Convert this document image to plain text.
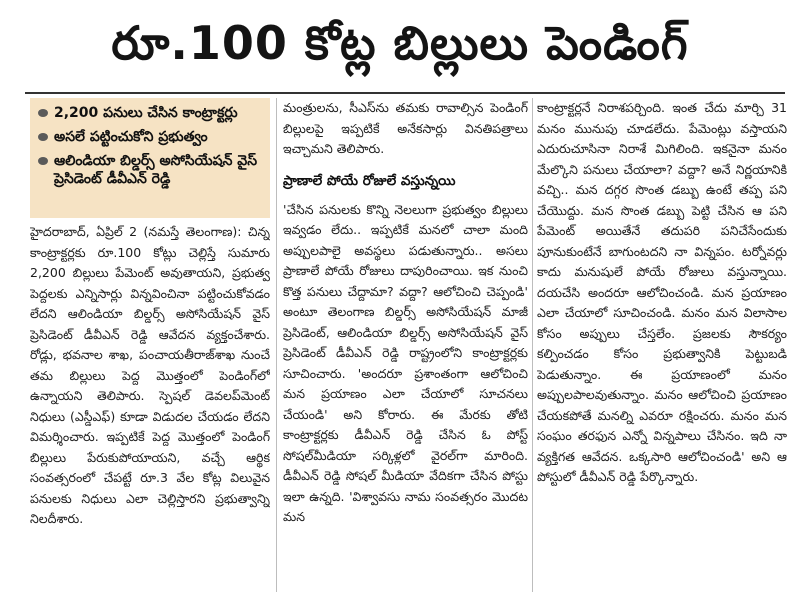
రూ.100 కోట్ల బిల్లులు పెండింగ్
2,200 పనులు చేసిన కాంట్రాక్టర్లు
అసలే పట్టించుకోని ప్రభుత్వం
ఆలిండియా బిల్డర్స్ అసోసియేషన్ వైస్ ప్రెసిడెంట్ డీవీఎన్ రెడ్డి

హైదరాబాద్, ఏప్రిల్ 2 (నమస్తే తెలంగాణ): చిన్న కాంట్రాక్టర్లకు రూ.100 కోట్లు చెల్లిస్తే సుమారు 2,200 బిల్లులు పేమెంట్ అవుతాయని, ప్రభుత్వ పెద్దలకు ఎన్నిసార్లు విన్నవించినా పట్టించుకోవడం లేదని ఆలిండియా బిల్డర్స్ అసోసియేషన్ వైస్ ప్రెసిడెంట్ డీవీఎన్ రెడ్డి ఆవేదన వ్యక్తంచేశారు. రోడ్లు, భవనాల శాఖ, పంచాయతీరాజ్‌శాఖ నుంచే తమ బిల్లులు పెద్ద మొత్తంలో పెండింగ్‌లో ఉన్నాయని తెలిపారు. స్పెషల్ డెవలప్‌మెంట్ నిధులు (ఎస్డీఎఫ్) కూడా విడుదల చేయడం లేదని విమర్శించారు. ఇప్పటికే పెద్ద మొత్తంలో పెండింగ్ బిల్లులు పేరుకుపోయాయని, వచ్చే ఆర్థిక సంవత్సరంలో చేపట్టే రూ.3 వేల కోట్ల విలువైన పనులకు నిధులు ఎలా చెల్లిస్తారని ప్రభుత్వాన్ని నిలదీశారు.

మంత్రులను, సీఎస్‌ను తమకు రావాల్సిన పెండింగ్ బిల్లులపై ఇప్పటికే అనేకసార్లు వినతిపత్రాలు ఇచ్చామని తెలిపారు.

ప్రాణాలే పోయే రోజులే వస్తున్నయి

'చేసిన పనులకు కొన్ని నెలలుగా ప్రభుత్వం బిల్లులు ఇవ్వడం లేదు.. ఇప్పటికే మనలో చాలా మంది అప్పులపాలై అవస్థలు పడుతున్నారు.. అసలు ప్రాణాలే పోయే రోజులు దాపురించాయి. ఇక నుంచి కొత్త పనులు చేద్దామా? వద్దా? ఆలోచించి చెప్పండి' అంటూ తెలంగాణ బిల్డర్స్ అసోసియేషన్ మాజీ ప్రెసిడెంట్, ఆలిండియా బిల్డర్స్ అసోసియేషన్ వైస్ ప్రెసిడెంట్ డీవీఎన్ రెడ్డి రాష్ట్రంలోని కాంట్రాక్టర్లకు సూచించారు. 'అందరూ ప్రశాంతంగా ఆలోచించి మన ప్రయాణం ఎలా చేయాలో సూచనలు చేయండి' అని కోరారు. ఈ మేరకు తోటి కాంట్రాక్టర్లకు డీవీఎన్ రెడ్డి చేసిన ఓ పోస్ట్ సోషల్‌మీడియా సర్కిళ్లలో వైరల్‌గా మారింది. డీవీఎన్ రెడ్డి సోషల్ మీడియా వేదికగా చేసిన పోస్టు ఇలా ఉన్నది. 'విశ్వావసు నామ సంవత్సరం మొదట మన

కాంట్రాక్టర్లనే నిరాశపర్చింది. ఇంత చేదు మార్చి 31 మనం మునుపు చూడలేదు. పేమెంట్లు వస్తాయని ఎదురుచూసినా నిరాశే మిగిలింది. ఇకనైనా మనం మేల్కొని పనులు చేయాలా? వద్దా? అనే నిర్ణయానికి వచ్చి.. మన దగ్గర సొంత డబ్బు ఉంటే తప్ప పని చేయొద్దు. మన సొంత డబ్బు పెట్టి చేసిన ఆ పని పేమెంట్ అయితేనే తదుపరి పనిచేసేందుకు పూనుకుంటేనే బాగుంటదని నా విన్నపం. టర్నోవర్లు కాదు మనుషులే పోయే రోజులు వస్తున్నాయి. దయచేసి అందరూ ఆలోచించండి. మన ప్రయాణం ఎలా చేయాలో సూచించండి. మనం మన విలాసాల కోసం అప్పులు చేస్తలేం. ప్రజలకు సౌకర్యం కల్పించడం కోసం ప్రభుత్వానికి పెట్టుబడి పెడుతున్నాం. ఈ ప్రయాణంలో మనం అప్పులపాలవుతున్నాం. మనం ఆలోచించి ప్రయాణం చేయకపోతే మనల్ని ఎవరూ రక్షించరు. మనం మన సంఘం తరఫున ఎన్నో విన్నపాలు చేసినం. ఇది నా వ్యక్తిగత ఆవేదన. ఒక్కసారి ఆలోచించండి' అని ఆ పోస్టులో డీవీఎన్ రెడ్డి పేర్కొన్నారు.
